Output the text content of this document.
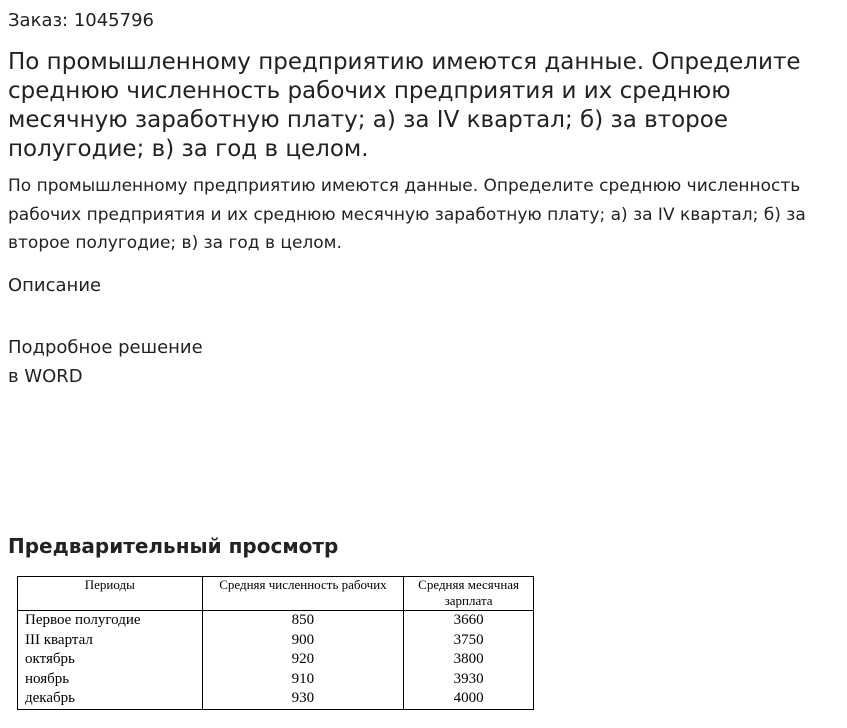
Заказ: 1045796
По промышленному предприятию имеются данные. Определите среднюю численность рабочих предприятия и их среднюю месячную заработную плату; а) за IV квартал; б) за второе полугодие; в) за год в целом.

По промышленному предприятию имеются данные. Определите среднюю численность рабочих предприятия и их среднюю месячную заработную плату; а) за IV квартал; б) за второе полугодие; в) за год в целом.

Описание
Подробное решение
в WORD
Предварительный просмотр
Периоды	Средняя численность рабочих	Средняя месячная зарплата
Первое полугодие	850	3660
III квартал	900	3750
октябрь	920	3800
ноябрь	910	3930
декабрь	930	4000
